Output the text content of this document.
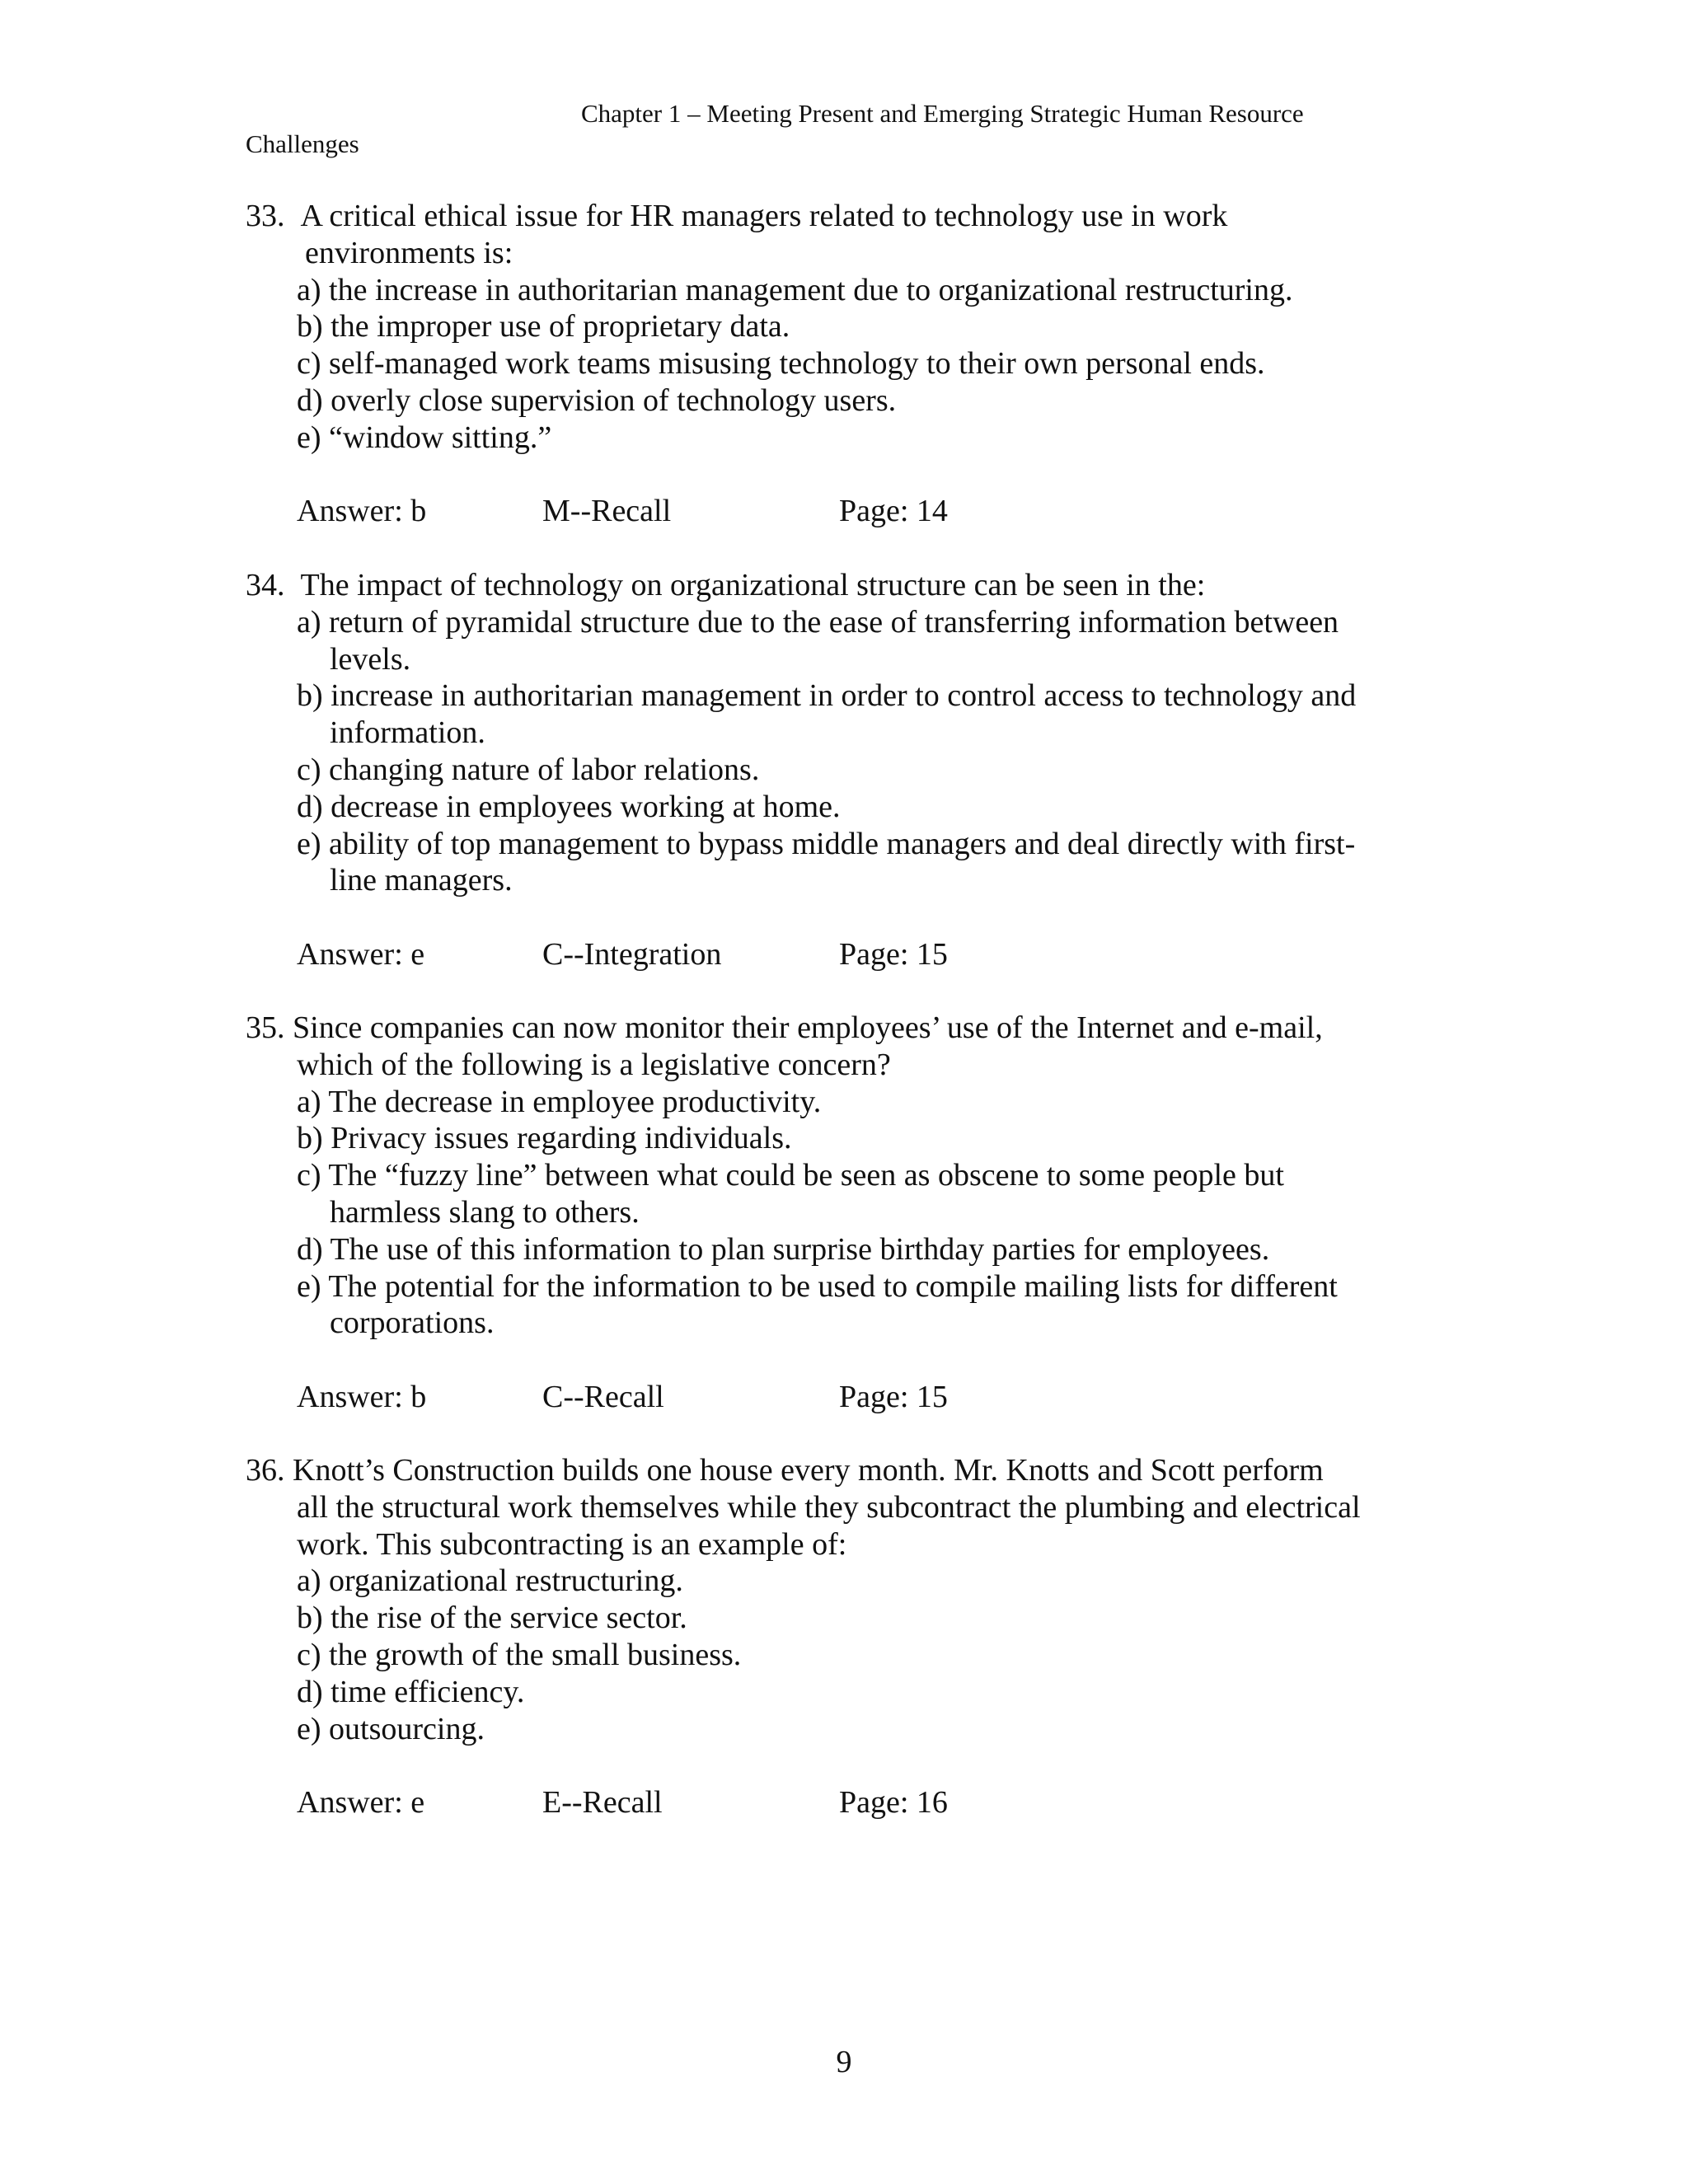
Chapter 1 – Meeting Present and Emerging Strategic Human Resource
Challenges
33. A critical ethical issue for HR managers related to technology use in work
environments is:
a) the increase in authoritarian management due to organizational restructuring.
b) the improper use of proprietary data.
c) self-managed work teams misusing technology to their own personal ends.
d) overly close supervision of technology users.
e) “window sitting.”
Answer: b	M--Recall	Page: 14
34. The impact of technology on organizational structure can be seen in the:
a) return of pyramidal structure due to the ease of transferring information between
levels.
b) increase in authoritarian management in order to control access to technology and
information.
c) changing nature of labor relations.
d) decrease in employees working at home.
e) ability of top management to bypass middle managers and deal directly with first-
line managers.
Answer: e	C--Integration	Page: 15
35. Since companies can now monitor their employees’ use of the Internet and e-mail,
which of the following is a legislative concern?
a) The decrease in employee productivity.
b) Privacy issues regarding individuals.
c) The “fuzzy line” between what could be seen as obscene to some people but
harmless slang to others.
d) The use of this information to plan surprise birthday parties for employees.
e) The potential for the information to be used to compile mailing lists for different
corporations.
Answer: b	C--Recall	Page: 15
36. Knott’s Construction builds one house every month. Mr. Knotts and Scott perform
all the structural work themselves while they subcontract the plumbing and electrical
work. This subcontracting is an example of:
a) organizational restructuring.
b) the rise of the service sector.
c) the growth of the small business.
d) time efficiency.
e) outsourcing.
Answer: e	E--Recall	Page: 16
9
